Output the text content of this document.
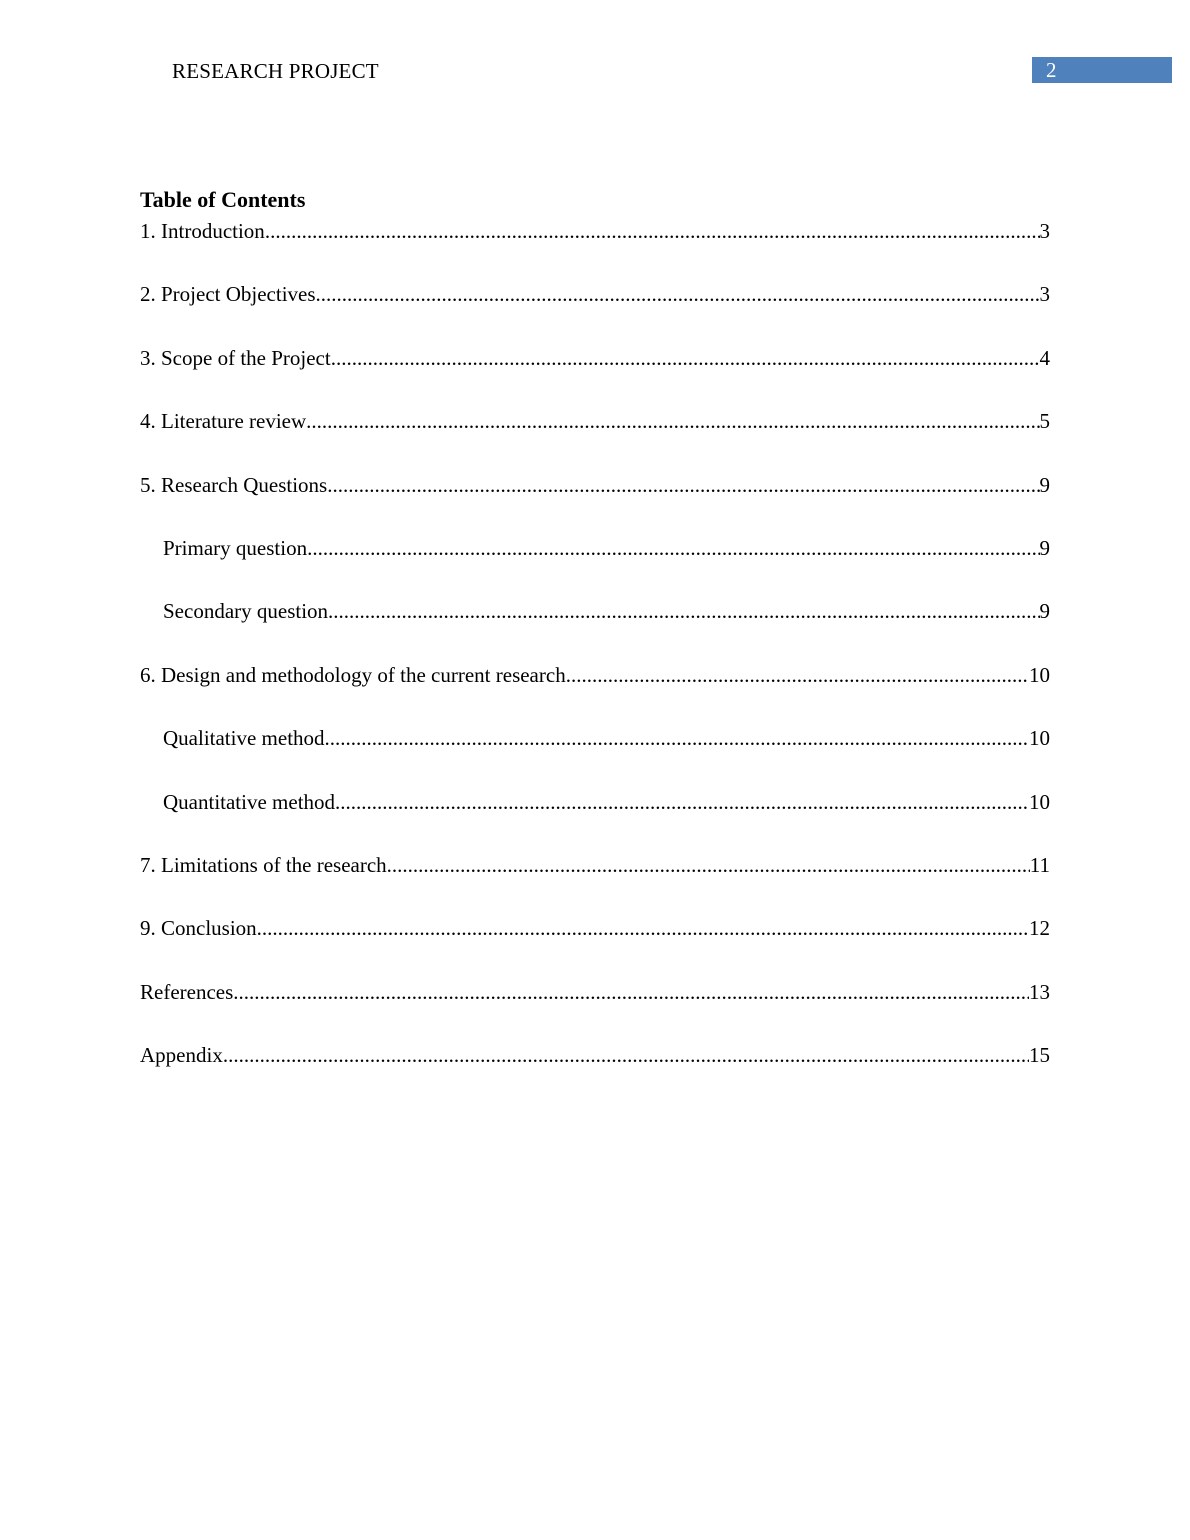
RESEARCH PROJECT	2
Table of Contents
1. Introduction .....	3
2. Project Objectives .....	3
3. Scope of the Project .....	4
4. Literature review .....	5
5. Research Questions .....	9
Primary question .....	9
Secondary question .....	9
6. Design and methodology of the current research .....	10
Qualitative method .....	10
Quantitative method .....	10
7. Limitations of the research .....	11
9. Conclusion .....	12
References .....	13
Appendix .....	15
